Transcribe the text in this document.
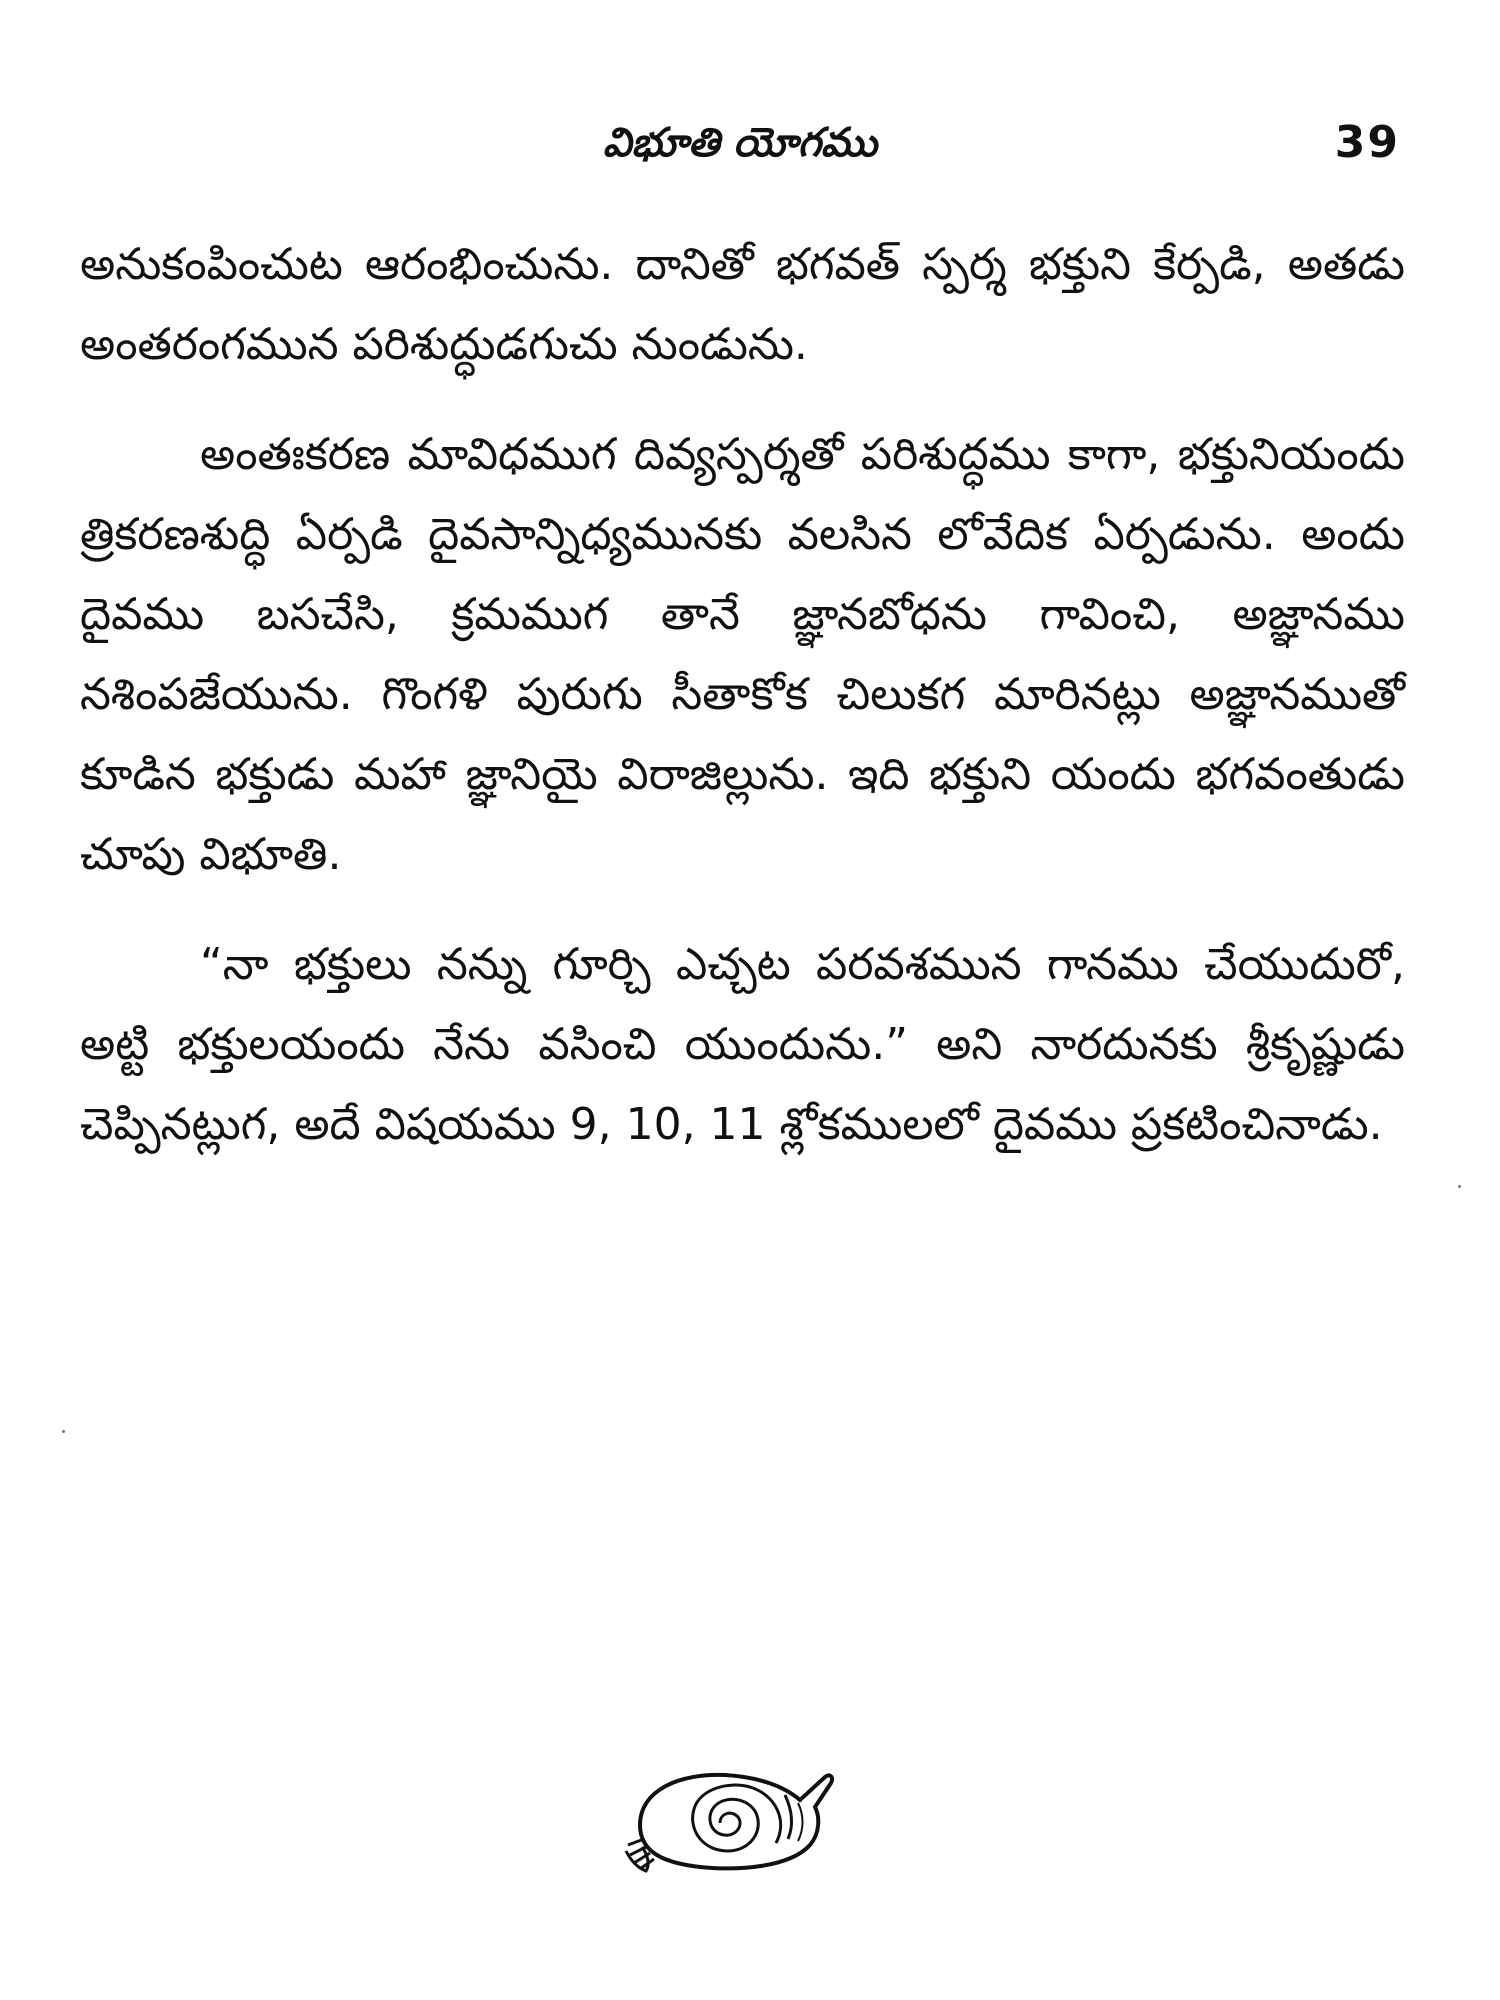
విభూతి యోగము	39

అనుకంపించుట ఆరంభించును. దానితో భగవత్ స్పర్శ భక్తుని కేర్పడి, అతడు అంతరంగమున పరిశుద్ధుడగుచు నుండును.

అంతఃకరణ మావిధముగ దివ్యస్పర్శతో పరిశుద్ధము కాగా, భక్తునియందు త్రికరణశుద్ధి ఏర్పడి దైవసాన్నిధ్యమునకు వలసిన లోవేదిక ఏర్పడును. అందు దైవము బసచేసి, క్రమముగ తానే జ్ఞానబోధను గావించి, అజ్ఞానము నశింపజేయును. గొంగళి పురుగు సీతాకోక చిలుకగ మారినట్లు అజ్ఞానముతో కూడిన భక్తుడు మహా జ్ఞానియై విరాజిల్లును. ఇది భక్తుని యందు భగవంతుడు చూపు విభూతి.

“నా భక్తులు నన్ను గూర్చి ఎచ్చట పరవశమున గానము చేయుదురో, అట్టి భక్తులయందు నేను వసించి యుందును.” అని నారదునకు శ్రీకృష్ణుడు చెప్పినట్లుగ, అదే విషయము 9, 10, 11 శ్లోకములలో దైవము ప్రకటించినాడు.
